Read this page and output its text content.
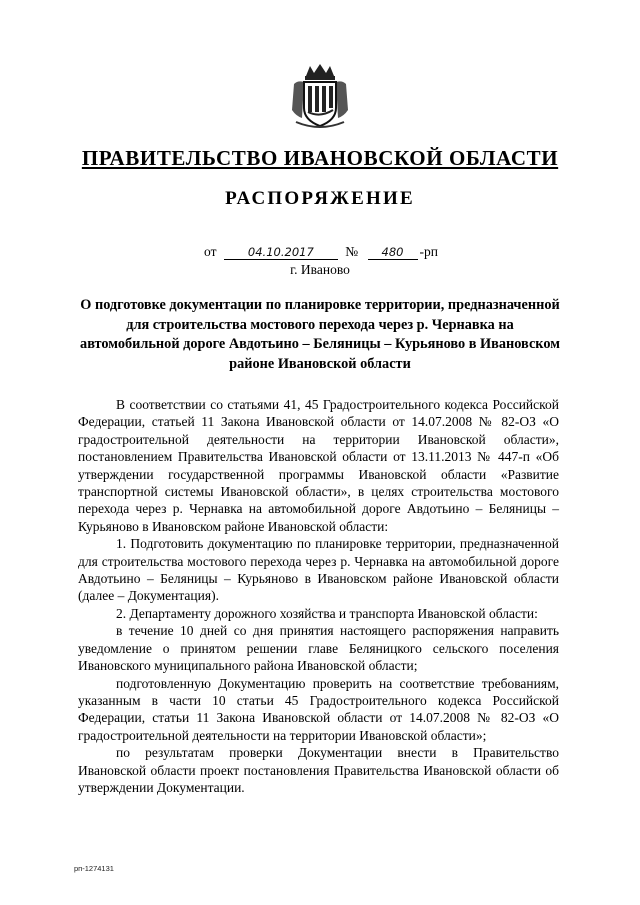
ПРАВИТЕЛЬСТВО ИВАНОВСКОЙ ОБЛАСТИ
РАСПОРЯЖЕНИЕ
от	04.10.2017 № 480 -рп
г. Иваново
О подготовке документации по планировке территории, предназначенной для строительства мостового перехода через р. Чернавка на автомобильной дороге Авдотьино – Беляницы – Курьяново в Ивановском районе Ивановской области

В соответствии со статьями 41, 45 Градостроительного кодекса Российской Федерации, статьей 11 Закона Ивановской области от 14.07.2008 № 82-ОЗ «О градостроительной деятельности на территории Ивановской области», постановлением Правительства Ивановской области от 13.11.2013 № 447-п «Об утверждении государственной программы Ивановской области «Развитие транспортной системы Ивановской области», в целях строительства мостового перехода через р. Чернавка на автомобильной дороге Авдотьино – Беляницы – Курьяново в Ивановском районе Ивановской области:

1. Подготовить документацию по планировке территории, предназначенной для строительства мостового перехода через р. Чернавка на автомобильной дороге Авдотьино – Беляницы – Курьяново в Ивановском районе Ивановской области (далее – Документация).

2. Департаменту дорожного хозяйства и транспорта Ивановской области:

в течение 10 дней со дня принятия настоящего распоряжения направить уведомление о принятом решении главе Беляницкого сельского поселения Ивановского муниципального района Ивановской области;

подготовленную Документацию проверить на соответствие требованиям, указанным в части 10 статьи 45 Градостроительного кодекса Российской Федерации, статьи 11 Закона Ивановской области от 14.07.2008 № 82-ОЗ «О градостроительной деятельности на территории Ивановской области»;

по результатам проверки Документации внести в Правительство Ивановской области проект постановления Правительства Ивановской области об утверждении Документации.

рп-1274131
